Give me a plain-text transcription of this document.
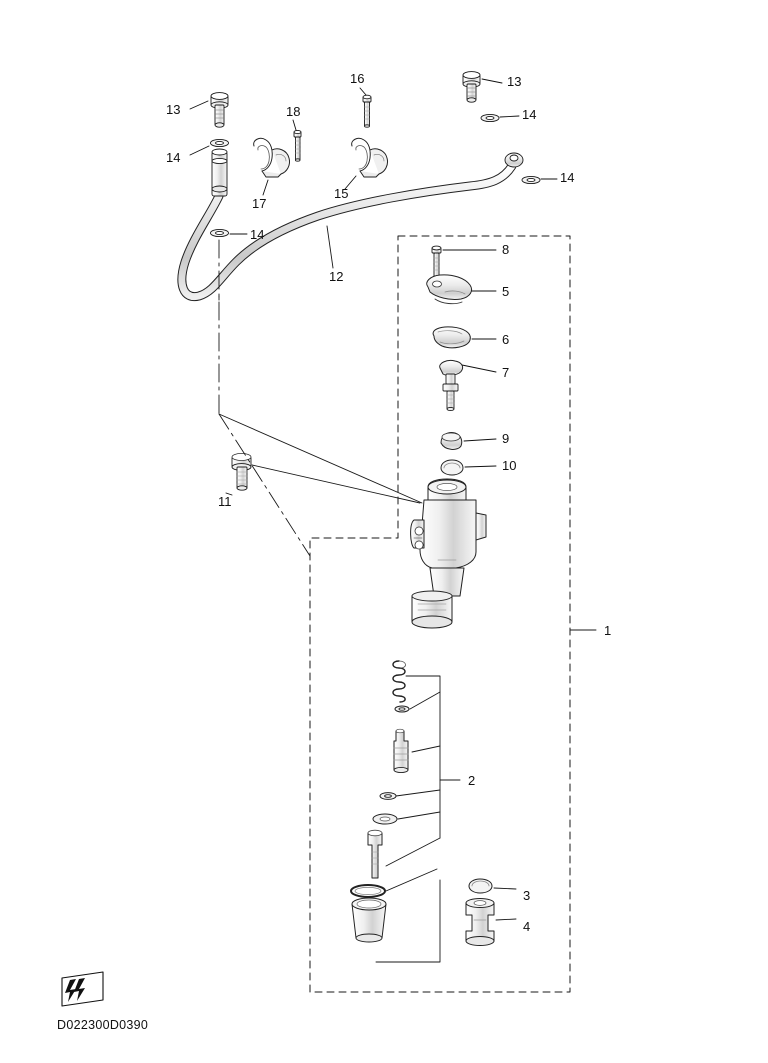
1
2
3
4
5
6
7
8
9
10
11
12
13
13
14
14
14
14
15
16
17
18
D022300D0390
